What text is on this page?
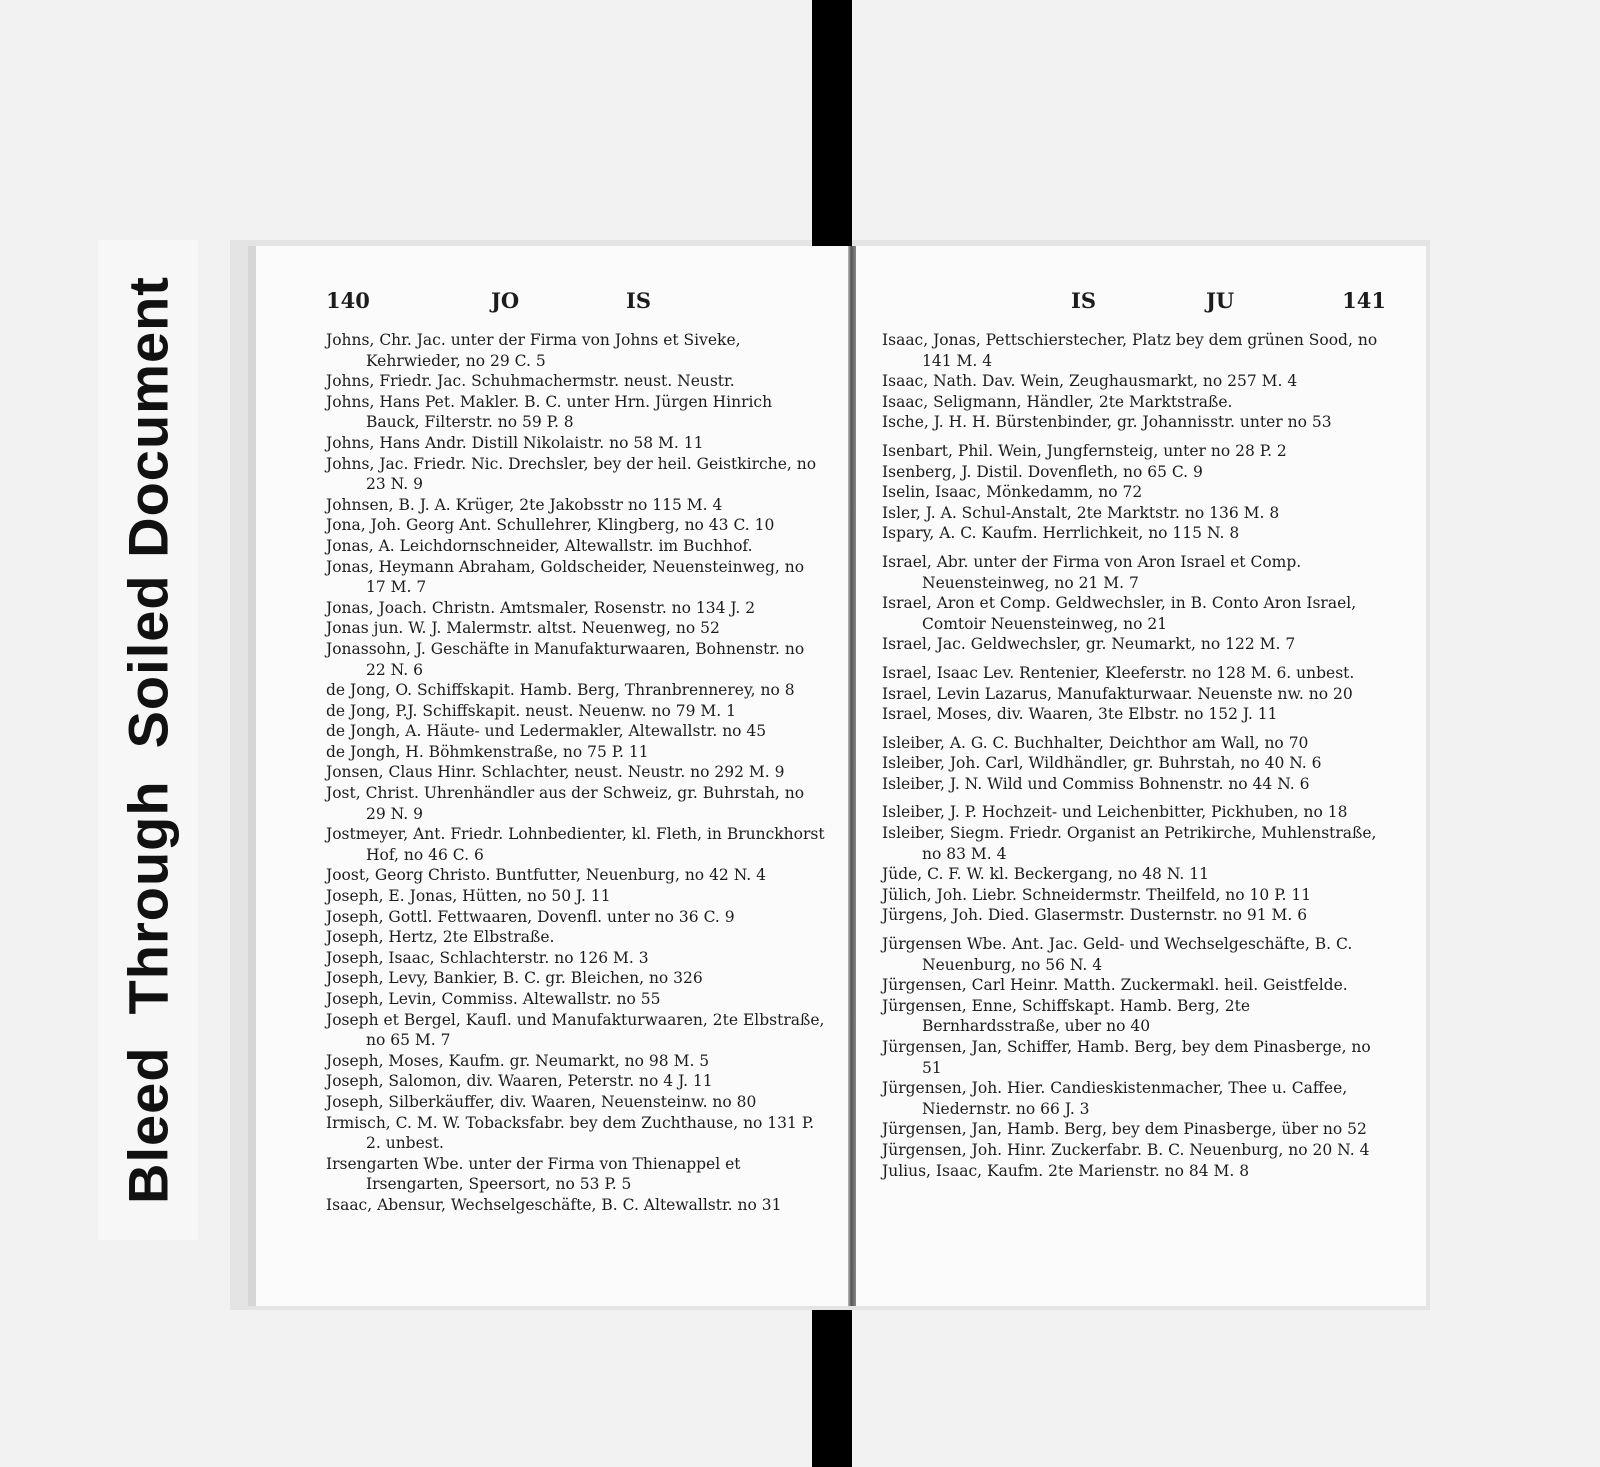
BleedThroughSoiled Document	140	JO	IS
Johns, Chr. Jac. unter der Firma von Johns et Siveke, Kehrwieder, no 29 C. 5
Johns, Friedr. Jac. Schuhmachermstr. neust. Neustr.
Johns, Hans Pet. Makler. B. C. unter Hrn. Jürgen Hinrich Bauck, Filterstr. no 59 P. 8
Johns, Hans Andr. Distill Nikolaistr. no 58 M. 11
Johns, Jac. Friedr. Nic. Drechsler, bey der heil. Geistkirche, no 23 N. 9
Johnsen, B. J. A. Krüger, 2te Jakobsstr no 115 M. 4
Jona, Joh. Georg Ant. Schullehrer, Klingberg, no 43 C. 10
Jonas, A. Leichdornschneider, Altewallstr. im Buchhof.
Jonas, Heymann Abraham, Goldscheider, Neuensteinweg, no 17 M. 7
Jonas, Joach. Christn. Amtsmaler, Rosenstr. no 134 J. 2
Jonas jun. W. J. Malermstr. altst. Neuenweg, no 52
Jonassohn, J. Geschäfte in Manufakturwaaren, Bohnenstr. no 22 N. 6
de Jong, O. Schiffskapit. Hamb. Berg, Thranbrennerey, no 8
de Jong, P.J. Schiffskapit. neust. Neuenw. no 79 M. 1
de Jongh, A. Häute- und Ledermakler, Altewallstr. no 45
de Jongh, H. Böhmkenstraße, no 75 P. 11
Jonsen, Claus Hinr. Schlachter, neust. Neustr. no 292 M. 9
Jost, Christ. Uhrenhändler aus der Schweiz, gr. Buhrstah, no 29 N. 9
Jostmeyer, Ant. Friedr. Lohnbedienter, kl. Fleth, in Brunckhorst Hof, no 46 C. 6
Joost, Georg Christo. Buntfutter, Neuenburg, no 42 N. 4
Joseph, E. Jonas, Hütten, no 50 J. 11
Joseph, Gottl. Fettwaaren, Dovenfl. unter no 36 C. 9
Joseph, Hertz, 2te Elbstraße.
Joseph, Isaac, Schlachterstr. no 126 M. 3
Joseph, Levy, Bankier, B. C. gr. Bleichen, no 326
Joseph, Levin, Commiss. Altewallstr. no 55
Joseph et Bergel, Kaufl. und Manufakturwaaren, 2te Elbstraße, no 65 M. 7
Joseph, Moses, Kaufm. gr. Neumarkt, no 98 M. 5
Joseph, Salomon, div. Waaren, Peterstr. no 4 J. 11
Joseph, Silberkäuffer, div. Waaren, Neuensteinw. no 80
Irmisch, C. M. W. Tobacksfabr. bey dem Zuchthause, no 131 P. 2. unbest.
Irsengarten Wbe. unter der Firma von Thienappel et Irsengarten, Speersort, no 53 P. 5
Isaac, Abensur, Wechselgeschäfte, B. C. Altewallstr. no 31
IS	JU	141
Isaac, Jonas, Pettschierstecher, Platz bey dem grünen Sood, no 141 M. 4
Isaac, Nath. Dav. Wein, Zeughausmarkt, no 257 M. 4
Isaac, Seligmann, Händler, 2te Marktstraße.
Ische, J. H. H. Bürstenbinder, gr. Johannisstr. unter no 53
Isenbart, Phil. Wein, Jungfernsteig, unter no 28 P. 2
Isenberg, J. Distil. Dovenfleth, no 65 C. 9
Iselin, Isaac, Mönkedamm, no 72
Isler, J. A. Schul-Anstalt, 2te Marktstr. no 136 M. 8
Ispary, A. C. Kaufm. Herrlichkeit, no 115 N. 8
Israel, Abr. unter der Firma von Aron Israel et Comp. Neuensteinweg, no 21 M. 7
Israel, Aron et Comp. Geldwechsler, in B. Conto Aron Israel, Comtoir Neuensteinweg, no 21
Israel, Jac. Geldwechsler, gr. Neumarkt, no 122 M. 7
Israel, Isaac Lev. Rentenier, Kleeferstr. no 128 M. 6. unbest.
Israel, Levin Lazarus, Manufakturwaar. Neuenste nw. no 20
Israel, Moses, div. Waaren, 3te Elbstr. no 152 J. 11
Isleiber, A. G. C. Buchhalter, Deichthor am Wall, no 70
Isleiber, Joh. Carl, Wildhändler, gr. Buhrstah, no 40 N. 6
Isleiber, J. N. Wild und Commiss Bohnenstr. no 44 N. 6
Isleiber, J. P. Hochzeit- und Leichenbitter, Pickhuben, no 18
Isleiber, Siegm. Friedr. Organist an Petrikirche, Muhlenstraße, no 83 M. 4
Jüde, C. F. W. kl. Beckergang, no 48 N. 11
Jülich, Joh. Liebr. Schneidermstr. Theilfeld, no 10 P. 11
Jürgens, Joh. Died. Glasermstr. Dusternstr. no 91 M. 6
Jürgensen Wbe. Ant. Jac. Geld- und Wechselgeschäfte, B. C. Neuenburg, no 56 N. 4
Jürgensen, Carl Heinr. Matth. Zuckermakl. heil. Geistfelde.
Jürgensen, Enne, Schiffskapt. Hamb. Berg, 2te Bernhardsstraße, uber no 40
Jürgensen, Jan, Schiffer, Hamb. Berg, bey dem Pinasberge, no 51
Jürgensen, Joh. Hier. Candieskistenmacher, Thee u. Caffee, Niedernstr. no 66 J. 3
Jürgensen, Jan, Hamb. Berg, bey dem Pinasberge, über no 52
Jürgensen, Joh. Hinr. Zuckerfabr. B. C. Neuenburg, no 20 N. 4
Julius, Isaac, Kaufm. 2te Marienstr. no 84 M. 8
